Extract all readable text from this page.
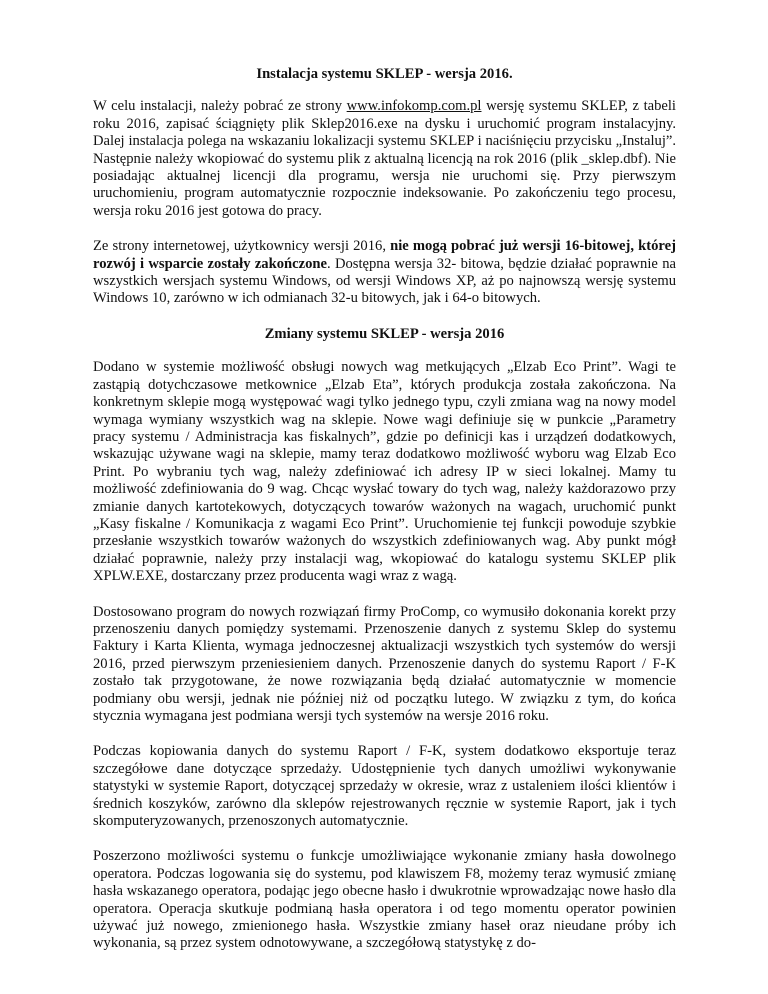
Instalacja systemu SKLEP - wersja 2016.

W celu instalacji, należy pobrać ze strony www.infokomp.com.pl wersję systemu SKLEP, z tabeli roku 2016, zapisać ściągnięty plik Sklep2016.exe na dysku i uruchomić program instalacyjny. Dalej instalacja polega na wskazaniu lokalizacji systemu SKLEP i naciśnięciu przycisku „Instaluj”. Następnie należy wkopiować do systemu plik z aktualną licencją na rok 2016 (plik _sklep.dbf). Nie posiadając aktualnej licencji dla programu, wersja nie uruchomi się. Przy pierwszym uruchomieniu, program automatycznie rozpocznie indeksowanie. Po zakończeniu tego procesu, wersja roku 2016 jest gotowa do pracy.

Ze strony internetowej, użytkownicy wersji 2016, nie mogą pobrać już wersji 16-bitowej, której rozwój i wsparcie zostały zakończone. Dostępna wersja 32- bitowa, będzie działać poprawnie na wszystkich wersjach systemu Windows, od wersji Windows XP, aż po najnowszą wersję systemu Windows 10, zarówno w ich odmianach 32-u bitowych, jak i 64-o bitowych.

Zmiany systemu SKLEP - wersja 2016

Dodano w systemie możliwość obsługi nowych wag metkujących „Elzab Eco Print”. Wagi te zastąpią dotychczasowe metkownice „Elzab Eta”, których produkcja została zakończona. Na konkretnym sklepie mogą występować wagi tylko jednego typu, czyli zmiana wag na nowy model wymaga wymiany wszystkich wag na sklepie. Nowe wagi definiuje się w punkcie „Parametry pracy systemu / Administracja kas fiskalnych”, gdzie po definicji kas i urządzeń dodatkowych, wskazując używane wagi na sklepie, mamy teraz dodatkowo możliwość wyboru wag Elzab Eco Print. Po wybraniu tych wag, należy zdefiniować ich adresy IP w sieci lokalnej. Mamy tu możliwość zdefiniowania do 9 wag. Chcąc wysłać towary do tych wag, należy każdorazowo przy zmianie danych kartotekowych, dotyczących towarów ważonych na wagach, uruchomić punkt „Kasy fiskalne / Komunikacja z wagami Eco Print”. Uruchomienie tej funkcji powoduje szybkie przesłanie wszystkich towarów ważonych do wszystkich zdefiniowanych wag. Aby punkt mógł działać poprawnie, należy przy instalacji wag, wkopiować do katalogu systemu SKLEP plik XPLW.EXE, dostarczany przez producenta wagi wraz z wagą.

Dostosowano program do nowych rozwiązań firmy ProComp, co wymusiło dokonania korekt przy przenoszeniu danych pomiędzy systemami. Przenoszenie danych z systemu Sklep do systemu Faktury i Karta Klienta, wymaga jednoczesnej aktualizacji wszystkich tych systemów do wersji 2016, przed pierwszym przeniesieniem danych. Przenoszenie danych do systemu Raport / F-K zostało tak przygotowane, że nowe rozwiązania będą działać automatycznie w momencie podmiany obu wersji, jednak nie później niż od początku lutego. W związku z tym, do końca stycznia wymagana jest podmiana wersji tych systemów na wersje 2016 roku.

Podczas kopiowania danych do systemu Raport / F-K, system dodatkowo eksportuje teraz szczegółowe dane dotyczące sprzedaży. Udostępnienie tych danych umożliwi wykonywanie statystyki w systemie Raport, dotyczącej sprzedaży w okresie, wraz z ustaleniem ilości klientów i średnich koszyków, zarówno dla sklepów rejestrowanych ręcznie w systemie Raport, jak i tych skomputeryzowanych, przenoszonych automatycznie.

Poszerzono możliwości systemu o funkcje umożliwiające wykonanie zmiany hasła dowolnego operatora. Podczas logowania się do systemu, pod klawiszem F8, możemy teraz wymusić zmianę hasła wskazanego operatora, podając jego obecne hasło i dwukrotnie wprowadzając nowe hasło dla operatora. Operacja skutkuje podmianą hasła operatora i od tego momentu operator powinien używać już nowego, zmienionego hasła. Wszystkie zmiany haseł oraz nieudane próby ich wykonania, są przez system odnotowywane, a szczegółową statystykę z do-
